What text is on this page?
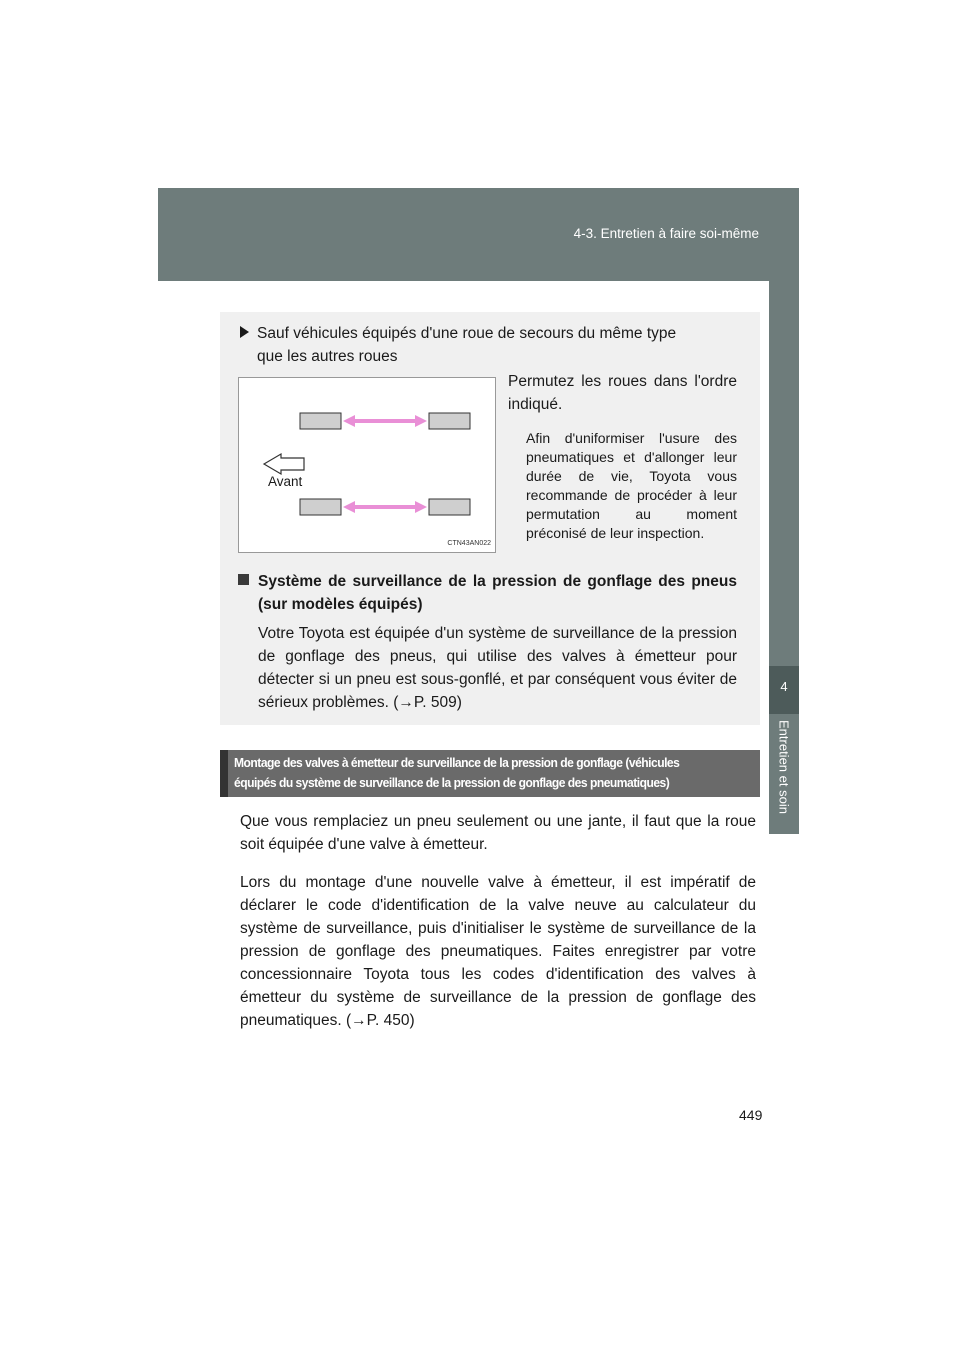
4-3. Entretien à faire soi-même
4
Entretien et soin
Sauf véhicules équipés d'une roue de secours du même type
que les autres roues
Avant
CTN43AN022
Permutez les roues dans l'ordre indiqué.
Afin d'uniformiser l'usure des pneumatiques et d'allonger leur durée de vie, Toyota vous recommande de procéder à leur permutation au moment préconisé de leur inspection.
Système de surveillance de la pression de gonflage des pneus (sur modèles équipés)
Votre Toyota est équipée d'un système de surveillance de la pression de gonflage des pneus, qui utilise des valves à émetteur pour détecter si un pneu est sous-gonflé, et par conséquent vous éviter de sérieux problèmes. (→P. 509)
Montage des valves à émetteur de surveillance de la pression de gonflage (véhicules
équipés du système de surveillance de la pression de gonflage des pneumatiques)
Que vous remplaciez un pneu seulement ou une jante, il faut que la roue soit équipée d'une valve à émetteur.
Lors du montage d'une nouvelle valve à émetteur, il est impératif de déclarer le code d'identification de la valve neuve au calculateur du système de surveillance, puis d'initialiser le système de surveillance de la pression de gonflage des pneumatiques. Faites enregistrer par votre concessionnaire Toyota tous les codes d'identification des valves à émetteur du système de surveillance de la pression de gonflage des pneumatiques. (→P. 450)
449
